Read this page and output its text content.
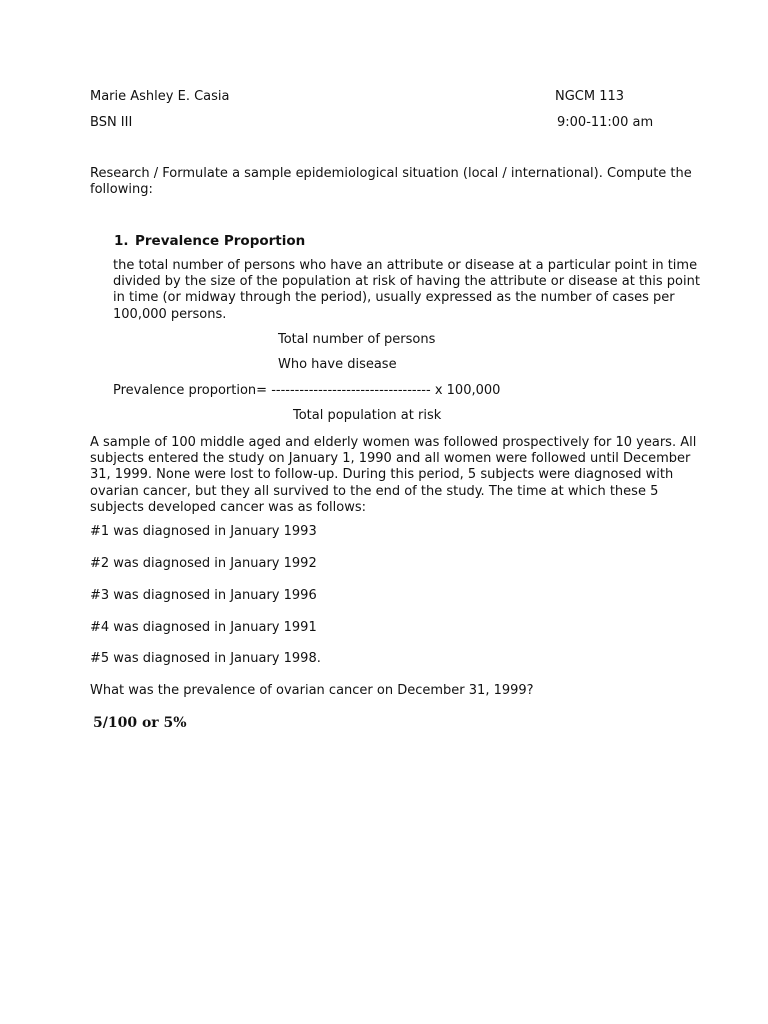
Marie Ashley E. Casia	NGCM 113
BSN III	9:00-11:00 am
Research / Formulate a sample epidemiological situation (local / international). Compute the following:
1. Prevalence Proportion
the total number of persons who have an attribute or disease at a particular point in time divided by the size of the population at risk of having the attribute or disease at this point in time (or midway through the period), usually expressed as the number of cases per 100,000 persons.
Total number of persons
Who have disease
Prevalence proportion= ---------------------------------- x 100,000
Total population at risk
A sample of 100 middle aged and elderly women was followed prospectively for 10 years. All subjects entered the study on January 1, 1990 and all women were followed until December 31, 1999. None were lost to follow-up. During this period, 5 subjects were diagnosed with ovarian cancer, but they all survived to the end of the study. The time at which these 5 subjects developed cancer was as follows:
#1 was diagnosed in January 1993
#2 was diagnosed in January 1992
#3 was diagnosed in January 1996
#4 was diagnosed in January 1991
#5 was diagnosed in January 1998.
What was the prevalence of ovarian cancer on December 31, 1999?
5/100 or 5%
